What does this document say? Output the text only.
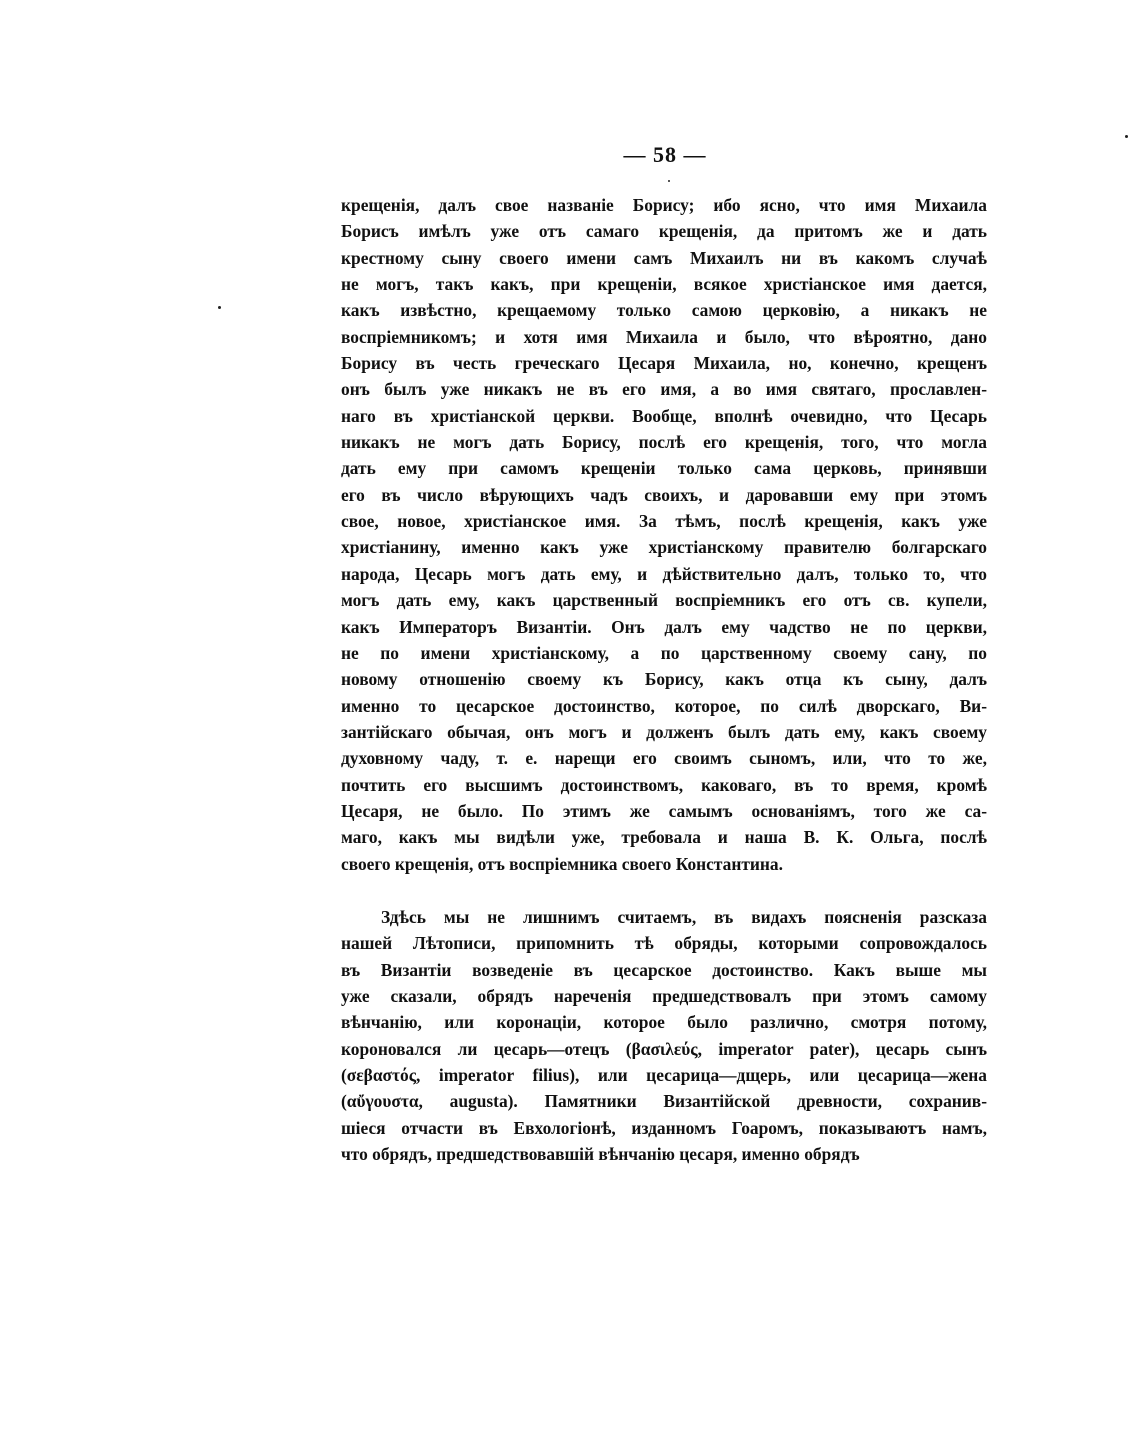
— 58 —
крещенія, далъ свое названіе Борису; ибо ясно, что имя Михаила
Борисъ имѣлъ уже отъ самаго крещенія, да притомъ же и дать
крестному сыну своего имени самъ Михаилъ ни въ какомъ случаѣ
не могъ, такъ какъ, при крещеніи, всякое христіанское имя дается,
какъ извѣстно, крещаемому только самою церковію, а никакъ не
воспріемникомъ; и хотя имя Михаила и было, что вѣроятно, дано
Борису въ честь греческаго Цесаря Михаила, но, конечно, крещенъ
онъ былъ уже никакъ не въ его имя, а во имя святаго, прославлен-
наго въ христіанской церкви. Вообще, вполнѣ очевидно, что Цесарь
никакъ не могъ дать Борису, послѣ его крещенія, того, что могла
дать ему при самомъ крещеніи только сама церковь, принявши
его въ число вѣрующихъ чадъ своихъ, и даровавши ему при этомъ
свое, новое, христіанское имя. За тѣмъ, послѣ крещенія, какъ уже
христіанину, именно какъ уже христіанскому правителю болгарскаго
народа, Цесарь могъ дать ему, и дѣйствительно далъ, только то, что
могъ дать ему, какъ царственный воспріемникъ его отъ св. купели,
какъ Императоръ Византіи. Онъ далъ ему чадство не по церкви,
не по имени христіанскому, а по царственному своему сану, по
новому отношенію своему къ Борису, какъ отца къ сыну, далъ
именно то цесарское достоинство, которое, по силѣ дворскаго, Ви-
зантійскаго обычая, онъ могъ и долженъ былъ дать ему, какъ своему
духовному чаду, т. е. нарещи его своимъ сыномъ, или, что то же,
почтить его высшимъ достоинствомъ, каковаго, въ то время, кромѣ
Цесаря, не было. По этимъ же самымъ основаніямъ, того же са-
маго, какъ мы видѣли уже, требовала и наша В. К. Ольга, послѣ
своего крещенія, отъ воспріемника своего Константина.
Здѣсь мы не лишнимъ считаемъ, въ видахъ поясненія разсказа
нашей Лѣтописи, припомнить тѣ обряды, которыми сопровождалось
въ Византіи возведеніе въ цесарское достоинство. Какъ выше мы
уже сказали, обрядъ нареченія предшедствовалъ при этомъ самому
вѣнчанію, или коронаціи, которое было различно, смотря потому,
короновался ли цесарь—отецъ (βασιλεύς, imperator pater), цесарь сынъ
(σεβαστός, imperator filius), или цесарица—дщерь, или цесарица—жена
(αὔγουστα, augusta). Памятники Византійской древности, сохранив-
шіеся отчасти въ Евхологіонѣ, изданномъ Гоаромъ, показываютъ намъ,
что обрядъ, предшедствовавшій вѣнчанію цесаря, именно обрядъ
